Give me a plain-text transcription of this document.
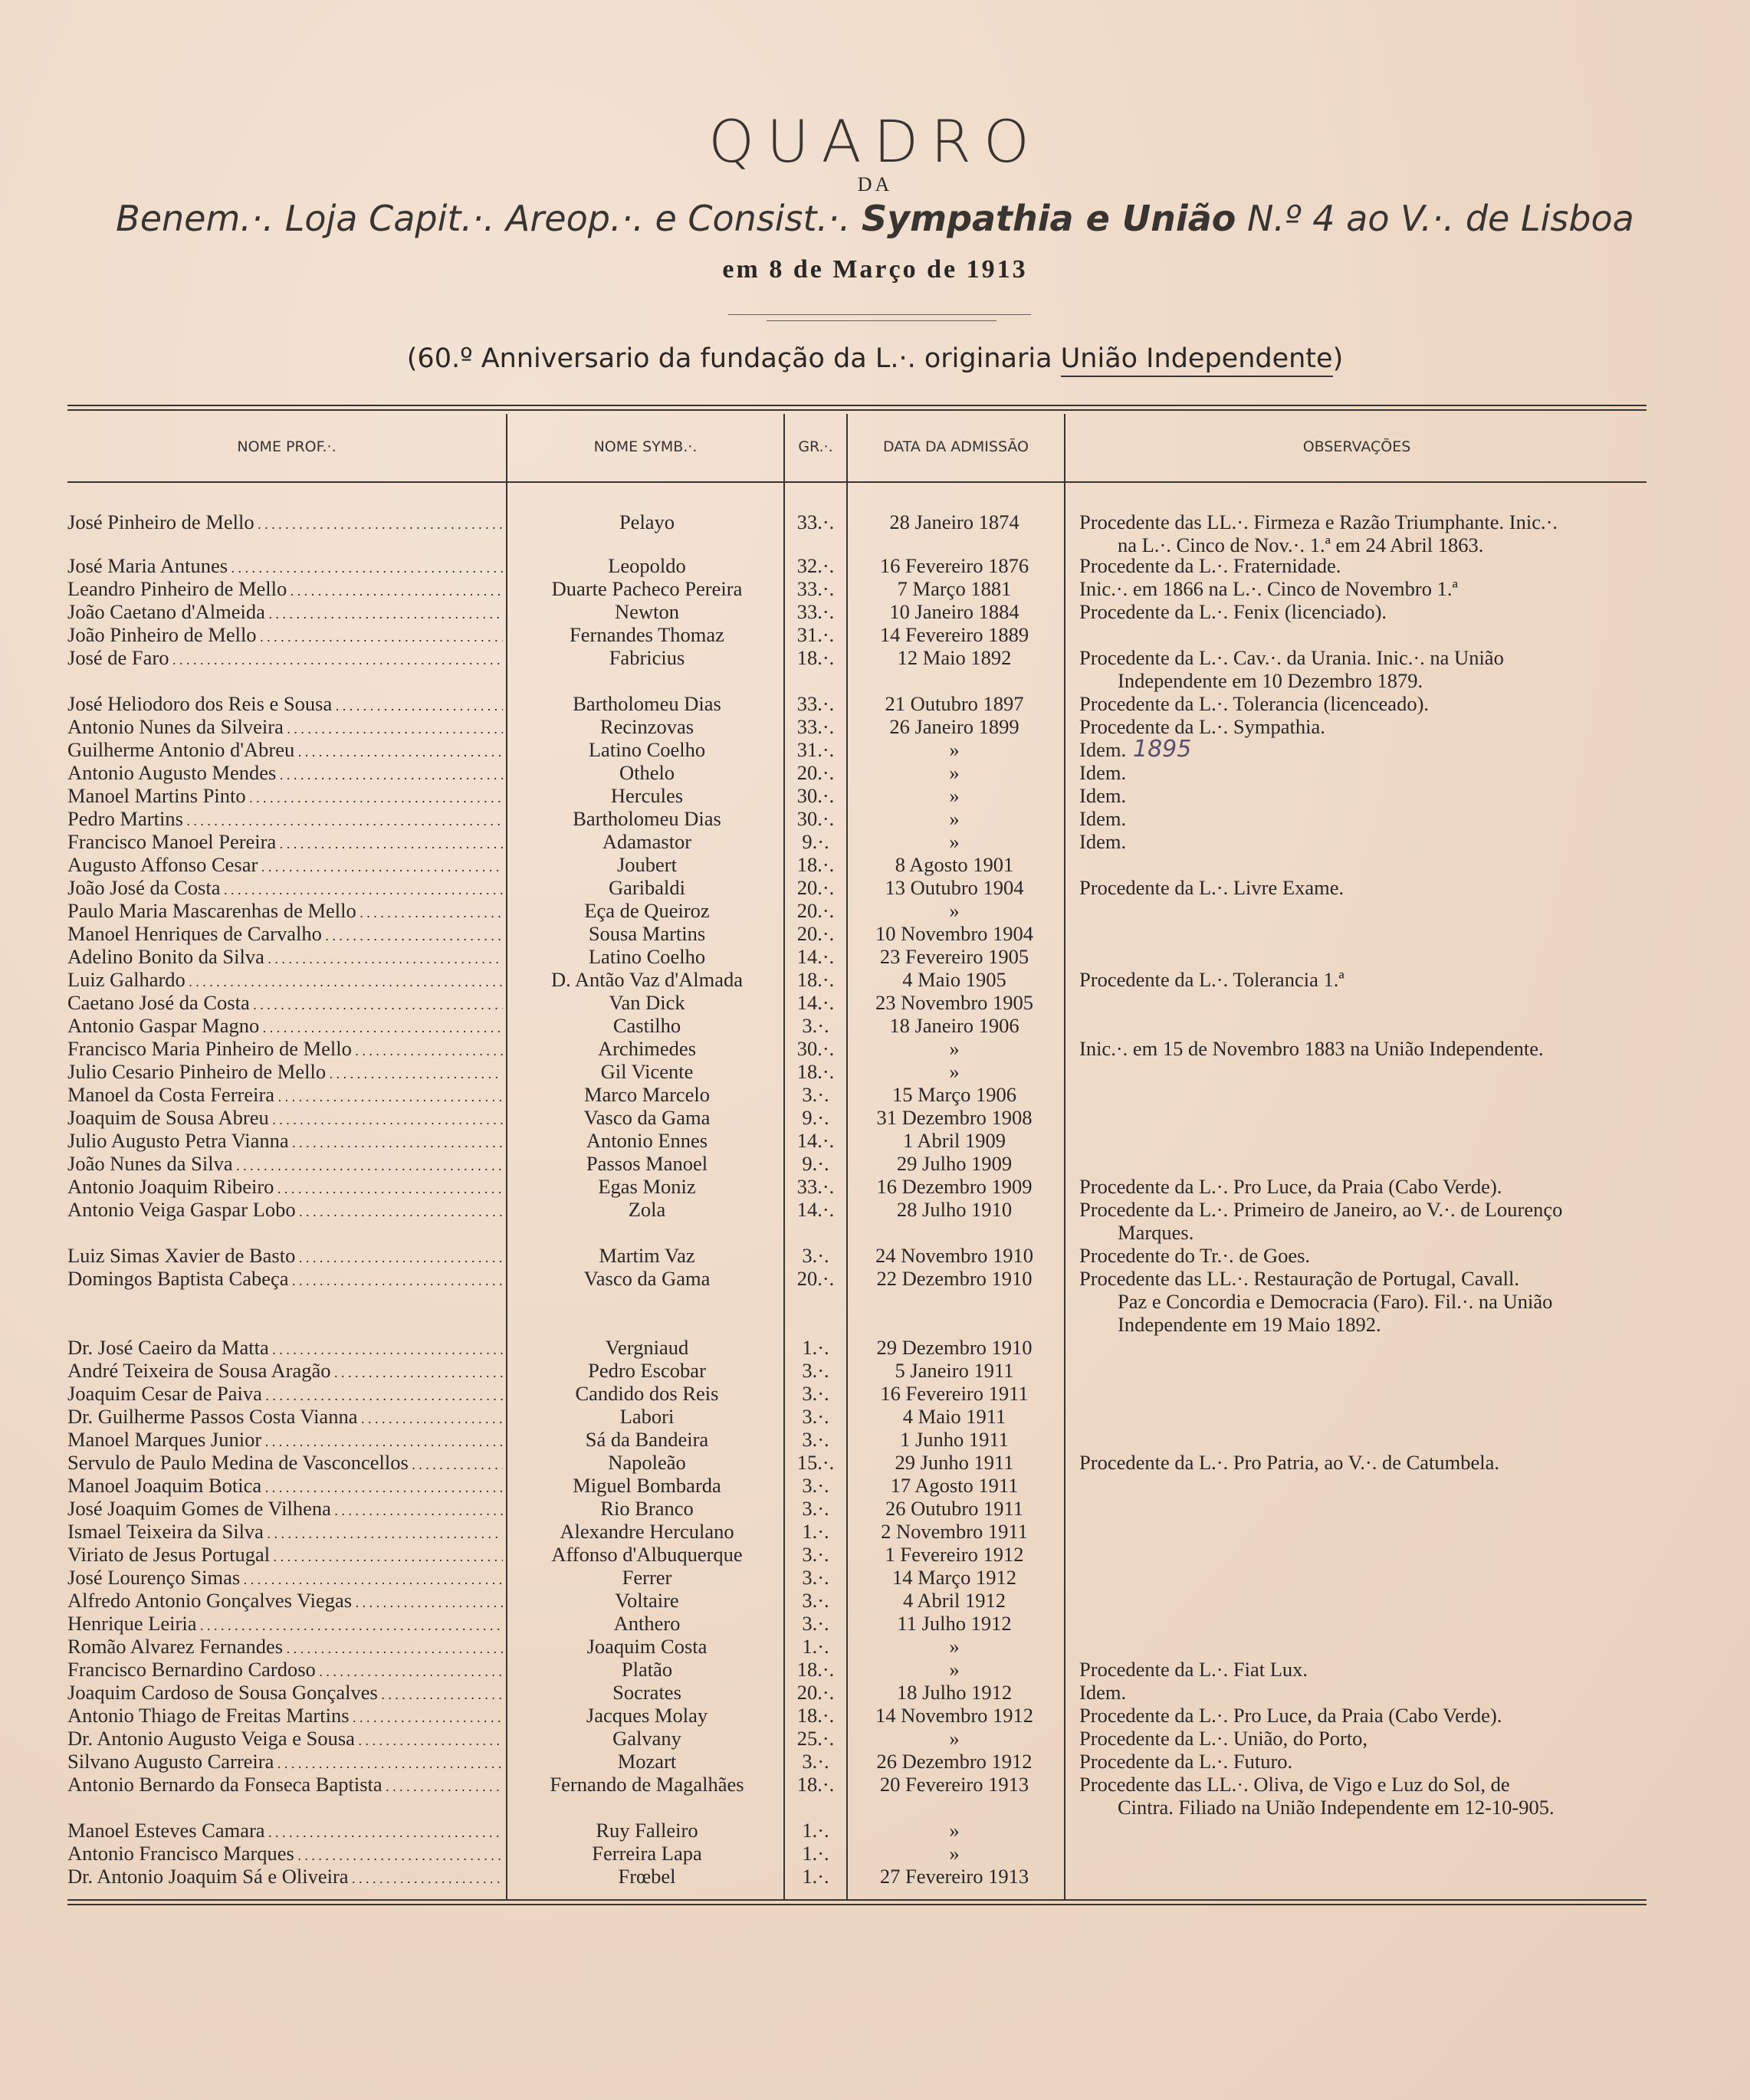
QUADRO
DA
Benem.·. Loja Capit.·. Areop.·. e Consist.·. Sympathia e União N.º 4 ao V.·. de Lisboa
em 8 de Março de 1913
(60.º Anniversario da fundação da L.·. originaria União Independente)
NOME PROF.·.	NOME SYMB.·.	GR.·.	DATA DA ADMISSÃO	OBSERVAÇÕES
José Pinheiro de Mello . . .	Pelayo	33.·.	28 Janeiro 1874	Procedente das LL.·. Firmeza e Razão Triumphante. Inic.·.
na L.·. Cinco de Nov.·. 1.ª em 24 Abril 1863.
José Maria Antunes . . .	Leopoldo	32.·.	16 Fevereiro 1876	Procedente da L.·. Fraternidade.
Leandro Pinheiro de Mello . . .	Duarte Pacheco Pereira	33.·.	7 Março 1881	Inic.·. em 1866 na L.·. Cinco de Novembro 1.ª
João Caetano d'Almeida . . .	Newton	33.·.	10 Janeiro 1884	Procedente da L.·. Fenix (licenciado).
João Pinheiro de Mello . . .	Fernandes Thomaz	31.·.	14 Fevereiro 1889
José de Faro . . .	Fabricius	18.·.	12 Maio 1892	Procedente da L.·. Cav.·. da Urania. Inic.·. na União
Independente em 10 Dezembro 1879.
José Heliodoro dos Reis e Sousa . . .	Bartholomeu Dias	33.·.	21 Outubro 1897	Procedente da L.·. Tolerancia (licenceado).
Antonio Nunes da Silveira . . .	Recinzovas	33.·.	26 Janeiro 1899	Procedente da L.·. Sympathia.
Guilherme Antonio d'Abreu . . .	Latino Coelho	31.·.	»	Idem.
Antonio Augusto Mendes . . .	Othelo	20.·.	»	Idem.
Manoel Martins Pinto . . .	Hercules	30.·.	»	Idem.
Pedro Martins . . .	Bartholomeu Dias	30.·.	»	Idem.
Francisco Manoel Pereira . . .	Adamastor	9.·.	»	Idem.
Augusto Affonso Cesar . . .	Joubert	18.·.	8 Agosto 1901
João José da Costa . . .	Garibaldi	20.·.	13 Outubro 1904	Procedente da L.·. Livre Exame.
Paulo Maria Mascarenhas de Mello . . .	Eça de Queiroz	20.·.	»
Manoel Henriques de Carvalho . . .	Sousa Martins	20.·.	10 Novembro 1904
Adelino Bonito da Silva . . .	Latino Coelho	14.·.	23 Fevereiro 1905
Luiz Galhardo . . .	D. Antão Vaz d'Almada	18.·.	4 Maio 1905	Procedente da L.·. Tolerancia 1.ª
Caetano José da Costa . . .	Van Dick	14.·.	23 Novembro 1905
Antonio Gaspar Magno . . .	Castilho	3.·.	18 Janeiro 1906
Francisco Maria Pinheiro de Mello . . .	Archimedes	30.·.	»	Inic.·. em 15 de Novembro 1883 na União Independente.
Julio Cesario Pinheiro de Mello . . .	Gil Vicente	18.·.	»
Manoel da Costa Ferreira . . .	Marco Marcelo	3.·.	15 Março 1906
Joaquim de Sousa Abreu . . .	Vasco da Gama	9.·.	31 Dezembro 1908
Julio Augusto Petra Vianna . . .	Antonio Ennes	14.·.	1 Abril 1909
João Nunes da Silva . . .	Passos Manoel	9.·.	29 Julho 1909
Antonio Joaquim Ribeiro . . .	Egas Moniz	33.·.	16 Dezembro 1909	Procedente da L.·. Pro Luce, da Praia (Cabo Verde).
Antonio Veiga Gaspar Lobo . . .	Zola	14.·.	28 Julho 1910	Procedente da L.·. Primeiro de Janeiro, ao V.·. de Lourenço
Marques.
Luiz Simas Xavier de Basto . . .	Martim Vaz	3.·.	24 Novembro 1910	Procedente do Tr.·. de Goes.
Domingos Baptista Cabeça . . .	Vasco da Gama	20.·.	22 Dezembro 1910	Procedente das LL.·. Restauração de Portugal, Cavall.
Paz e Concordia e Democracia (Faro). Fil.·. na União
Independente em 19 Maio 1892.
Dr. José Caeiro da Matta . . .	Vergniaud	1.·.	29 Dezembro 1910
André Teixeira de Sousa Aragão . . .	Pedro Escobar	3.·.	5 Janeiro 1911
Joaquim Cesar de Paiva . . .	Candido dos Reis	3.·.	16 Fevereiro 1911
Dr. Guilherme Passos Costa Vianna . . .	Labori	3.·.	4 Maio 1911
Manoel Marques Junior . . .	Sá da Bandeira	3.·.	1 Junho 1911
Servulo de Paulo Medina de Vasconcellos . . .	Napoleão	15.·.	29 Junho 1911	Procedente da L.·. Pro Patria, ao V.·. de Catumbela.
Manoel Joaquim Botica . . .	Miguel Bombarda	3.·.	17 Agosto 1911
José Joaquim Gomes de Vilhena . . .	Rio Branco	3.·.	26 Outubro 1911
Ismael Teixeira da Silva . . .	Alexandre Herculano	1.·.	2 Novembro 1911
Viriato de Jesus Portugal . . .	Affonso d'Albuquerque	3.·.	1 Fevereiro 1912
José Lourenço Simas . . .	Ferrer	3.·.	14 Março 1912
Alfredo Antonio Gonçalves Viegas . . .	Voltaire	3.·.	4 Abril 1912
Henrique Leiria . . .	Anthero	3.·.	11 Julho 1912
Romão Alvarez Fernandes . . .	Joaquim Costa	1.·.	»
Francisco Bernardino Cardoso . . .	Platão	18.·.	»	Procedente da L.·. Fiat Lux.
Joaquim Cardoso de Sousa Gonçalves . . .	Socrates	20.·.	18 Julho 1912	Idem.
Antonio Thiago de Freitas Martins . . .	Jacques Molay	18.·.	14 Novembro 1912	Procedente da L.·. Pro Luce, da Praia (Cabo Verde).
Dr. Antonio Augusto Veiga e Sousa . . .	Galvany	25.·.	»	Procedente da L.·. União, do Porto,
Silvano Augusto Carreira . . .	Mozart	3.·.	26 Dezembro 1912	Procedente da L.·. Futuro.
Antonio Bernardo da Fonseca Baptista . . .	Fernando de Magalhães	18.·.	20 Fevereiro 1913	Procedente das LL.·. Oliva, de Vigo e Luz do Sol, de
Cintra. Filiado na União Independente em 12-10-905.
Manoel Esteves Camara . . .	Ruy Falleiro	1.·.	»
Antonio Francisco Marques . . .	Ferreira Lapa	1.·.	»
Dr. Antonio Joaquim Sá e Oliveira . . .	Frœbel	1.·.	27 Fevereiro 1913
1895
